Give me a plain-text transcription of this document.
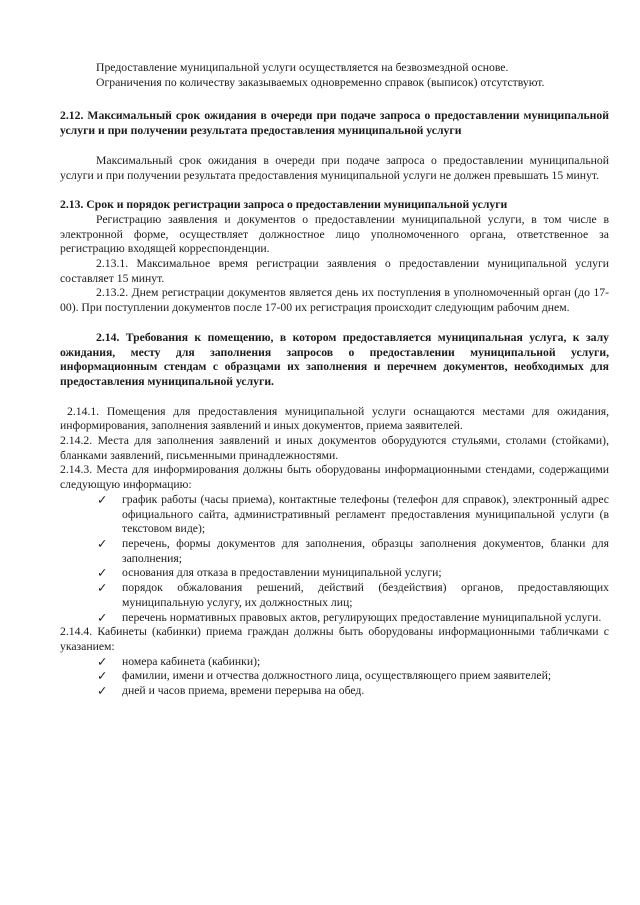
Предоставление муниципальной услуги осуществляется на безвозмездной основе.

Ограничения по количеству заказываемых одновременно справок (выписок) отсутствуют.

2.12. Максимальный срок ожидания в очереди при подаче запроса о предоставлении муниципальной услуги и при получении результата предоставления муниципальной услуги

Максимальный срок ожидания в очереди при подаче запроса о предоставлении муниципальной услуги и при получении результата предоставления муниципальной услуги не должен превышать 15 минут.

2.13. Срок и порядок регистрации запроса о предоставлении муниципальной услуги

Регистрацию заявления и документов о предоставлении муниципальной услуги, в том числе в электронной форме, осуществляет должностное лицо уполномоченного органа, ответственное за регистрацию входящей корреспонденции.

2.13.1. Максимальное время регистрации заявления о предоставлении муниципальной услуги составляет 15 минут.

2.13.2. Днем регистрации документов является день их поступления в уполномоченный орган (до 17-00). При поступлении документов после 17-00 их регистрация происходит следующим рабочим днем.

2.14. Требования к помещению, в котором предоставляется муниципальная услуга, к залу ожидания, месту для заполнения запросов о предоставлении муниципальной услуги, информационным стендам с образцами их заполнения и перечнем документов, необходимых для предоставления муниципальной услуги.

2.14.1. Помещения для предоставления муниципальной услуги оснащаются местами для ожидания, информирования, заполнения заявлений и иных документов, приема заявителей.

2.14.2. Места для заполнения заявлений и иных документов оборудуются стульями, столами (стойками), бланками заявлений, письменными принадлежностями.

2.14.3. Места для информирования должны быть оборудованы информационными стендами, содержащими следующую информацию:

✓ график работы (часы приема), контактные телефоны (телефон для справок), электронный адрес официального сайта, административный регламент предоставления муниципальной услуги (в текстовом виде);
✓ перечень, формы документов для заполнения, образцы заполнения документов, бланки для заполнения;
✓ основания для отказа в предоставлении муниципальной услуги;
✓ порядок обжалования решений, действий (бездействия) органов, предоставляющих муниципальную услугу, их должностных лиц;
✓ перечень нормативных правовых актов, регулирующих предоставление муниципальной услуги.

2.14.4. Кабинеты (кабинки) приема граждан должны быть оборудованы информационными табличками с указанием:

✓ номера кабинета (кабинки);
✓ фамилии, имени и отчества должностного лица, осуществляющего прием заявителей;
✓ дней и часов приема, времени перерыва на обед.
